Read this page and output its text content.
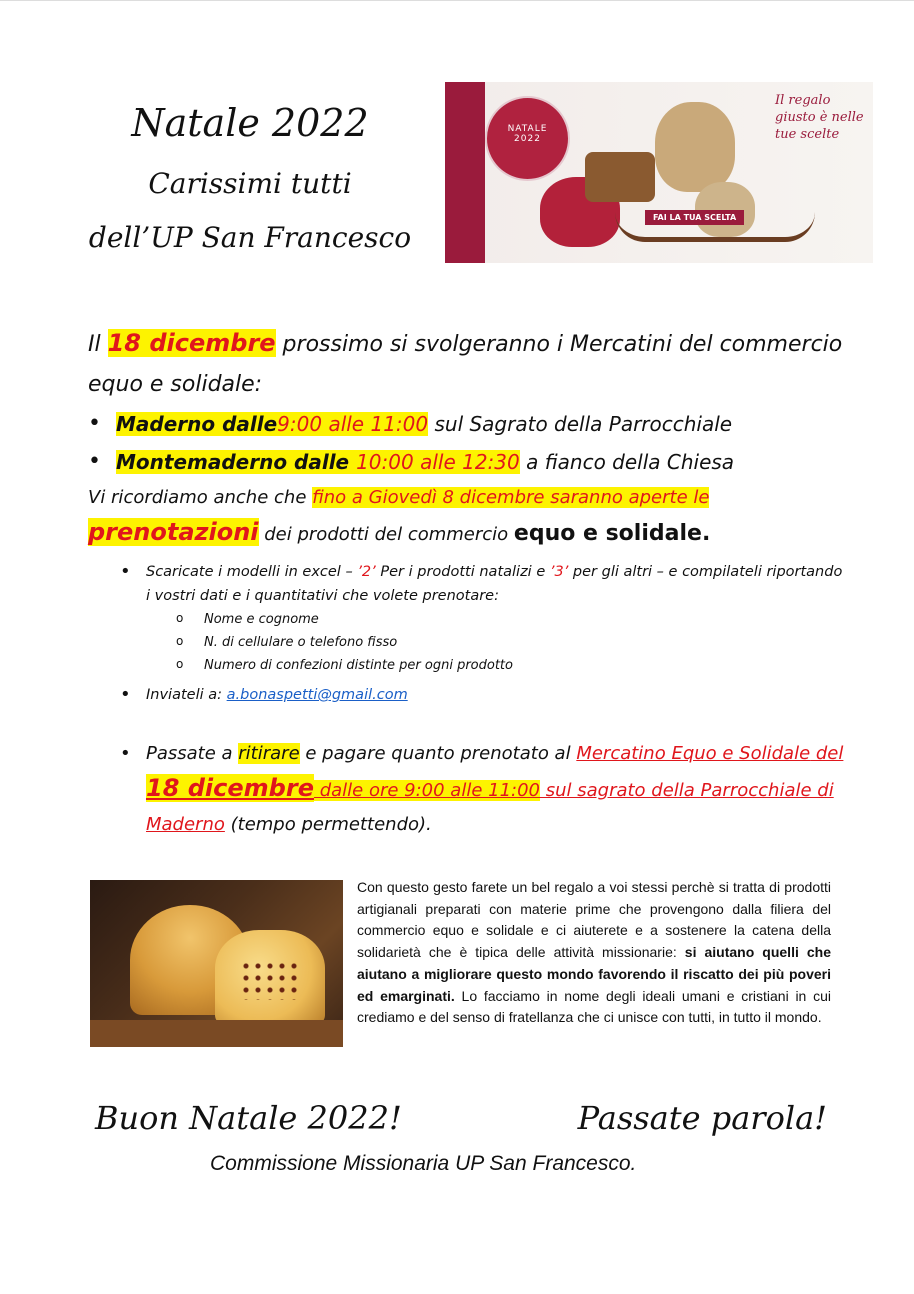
Natale 2022
Carissimi tutti
dell’UP San Francesco
NATALE
2022
FAI LA TUA SCELTA
Il regalo giusto è nelle tue scelte

Il 18 dicembre prossimo si svolgeranno i Mercatini del commercio equo e solidale:

• Maderno dalle9:00 alle 11:00 sul Sagrato della Parrocchiale
• Montemaderno dalle 10:00 alle 12:30 a fianco della Chiesa

Vi ricordiamo anche che fino a Giovedì 8 dicembre saranno aperte le prenotazioni dei prodotti del commercio equo e solidale.

• Scaricate i modelli in excel – ’2’ Per i prodotti natalizi e ’3’ per gli altri – e compilateli riportando i vostri dati e i quantitativi che volete prenotare:
o Nome e cognome
o N. di cellulare o telefono fisso
o Numero di confezioni distinte per ogni prodotto
• Inviateli a: a.bonaspetti@gmail.com
• Passate a ritirare e pagare quanto prenotato al Mercatino Equo e Solidale del 18 dicembre dalle ore 9:00 alle 11:00 sul sagrato della Parrocchiale di Maderno (tempo permettendo).

Con questo gesto farete un bel regalo a voi stessi perchè si tratta di prodotti artigianali preparati con materie prime che provengono dalla filiera del commercio equo e solidale e ci aiuterete e a sostenere la catena della solidarietà che è tipica delle attività missionarie: si aiutano quelli che aiutano a migliorare questo mondo favorendo il riscatto dei più poveri ed emarginati. Lo facciamo in nome degli ideali umani e cristiani in cui crediamo e del senso di fratellanza che ci unisce con tutti, in tutto il mondo.

Buon Natale 2022!	Passate parola!
Commissione Missionaria UP San Francesco.
